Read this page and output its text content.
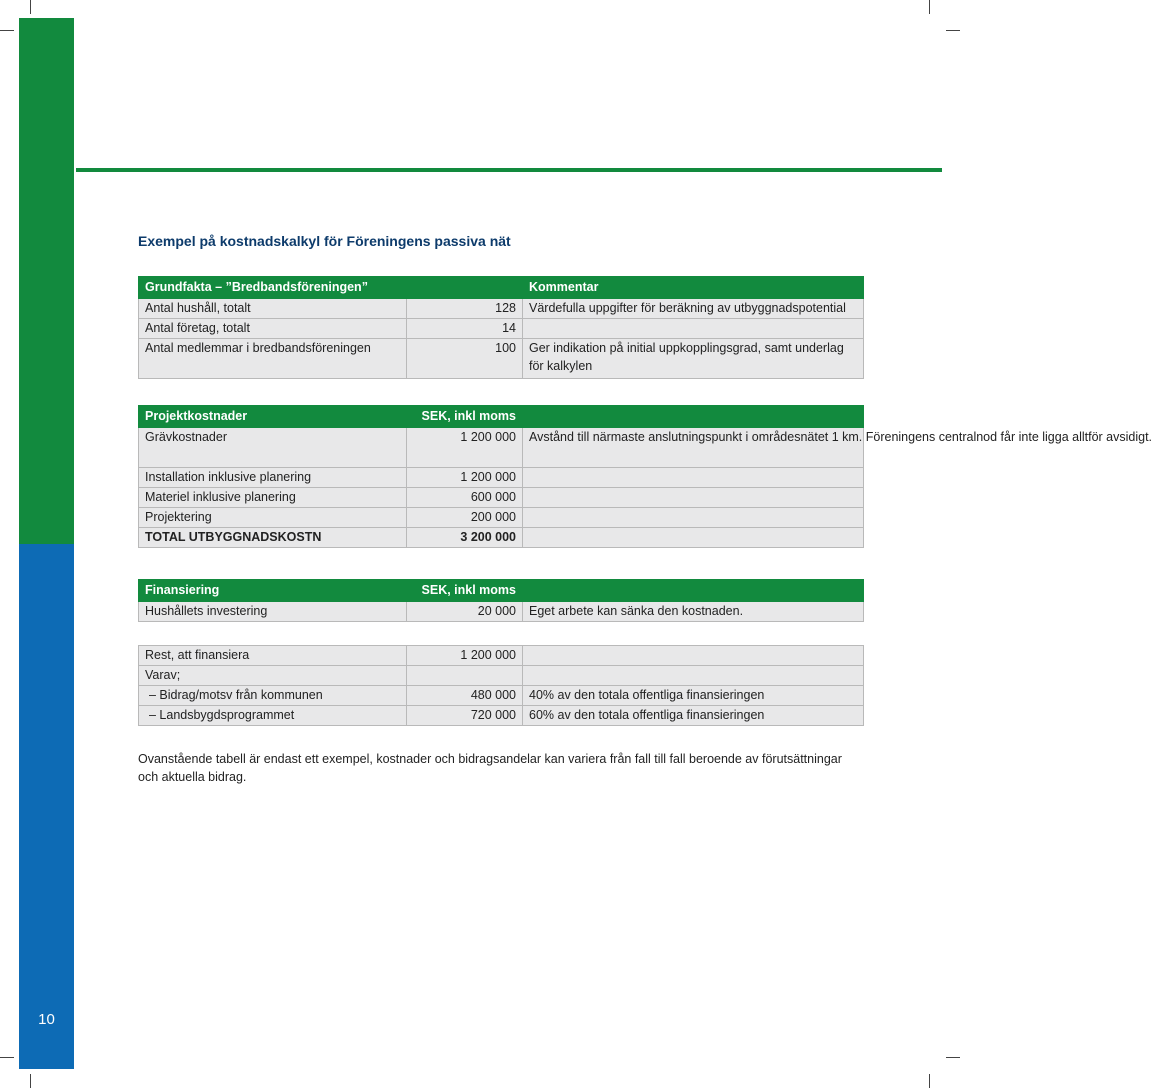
10
Exempel på kostnadskalkyl för Föreningens passiva nät
Grundfakta – ”Bredbandsföreningen”		Kommentar
Antal hushåll, totalt	128	Värdefulla uppgifter för beräkning av utbyggnadspotential
Antal företag, totalt	14	
Antal medlemmar i bredbandsföreningen	100	Ger indikation på initial uppkopplingsgrad, samt underlag för kalkylen
Projektkostnader	SEK, inkl moms	
Grävkostnader	1 200 000	Avstånd till närmaste anslutningspunkt i områdesnätet 1 km. Föreningens centralnod får inte ligga alltför avsidigt.
Installation inklusive planering	1 200 000	
Materiel inklusive planering	600 000	
Projektering	200 000	
TOTAL UTBYGGNADSKOSTN	3 200 000	
Finansiering	SEK, inkl moms	
Hushållets investering	20 000	Eget arbete kan sänka den kostnaden.
Rest, att finansiera	1 200 000	
Varav;		
– Bidrag/motsv från kommunen	480 000	40% av den totala offentliga finansieringen
– Landsbygdsprogrammet	720 000	60% av den totala offentliga finansieringen

Ovanstående tabell är endast ett exempel, kostnader och bidragsandelar kan variera från fall till fall beroende av förutsättningar och aktuella bidrag.
